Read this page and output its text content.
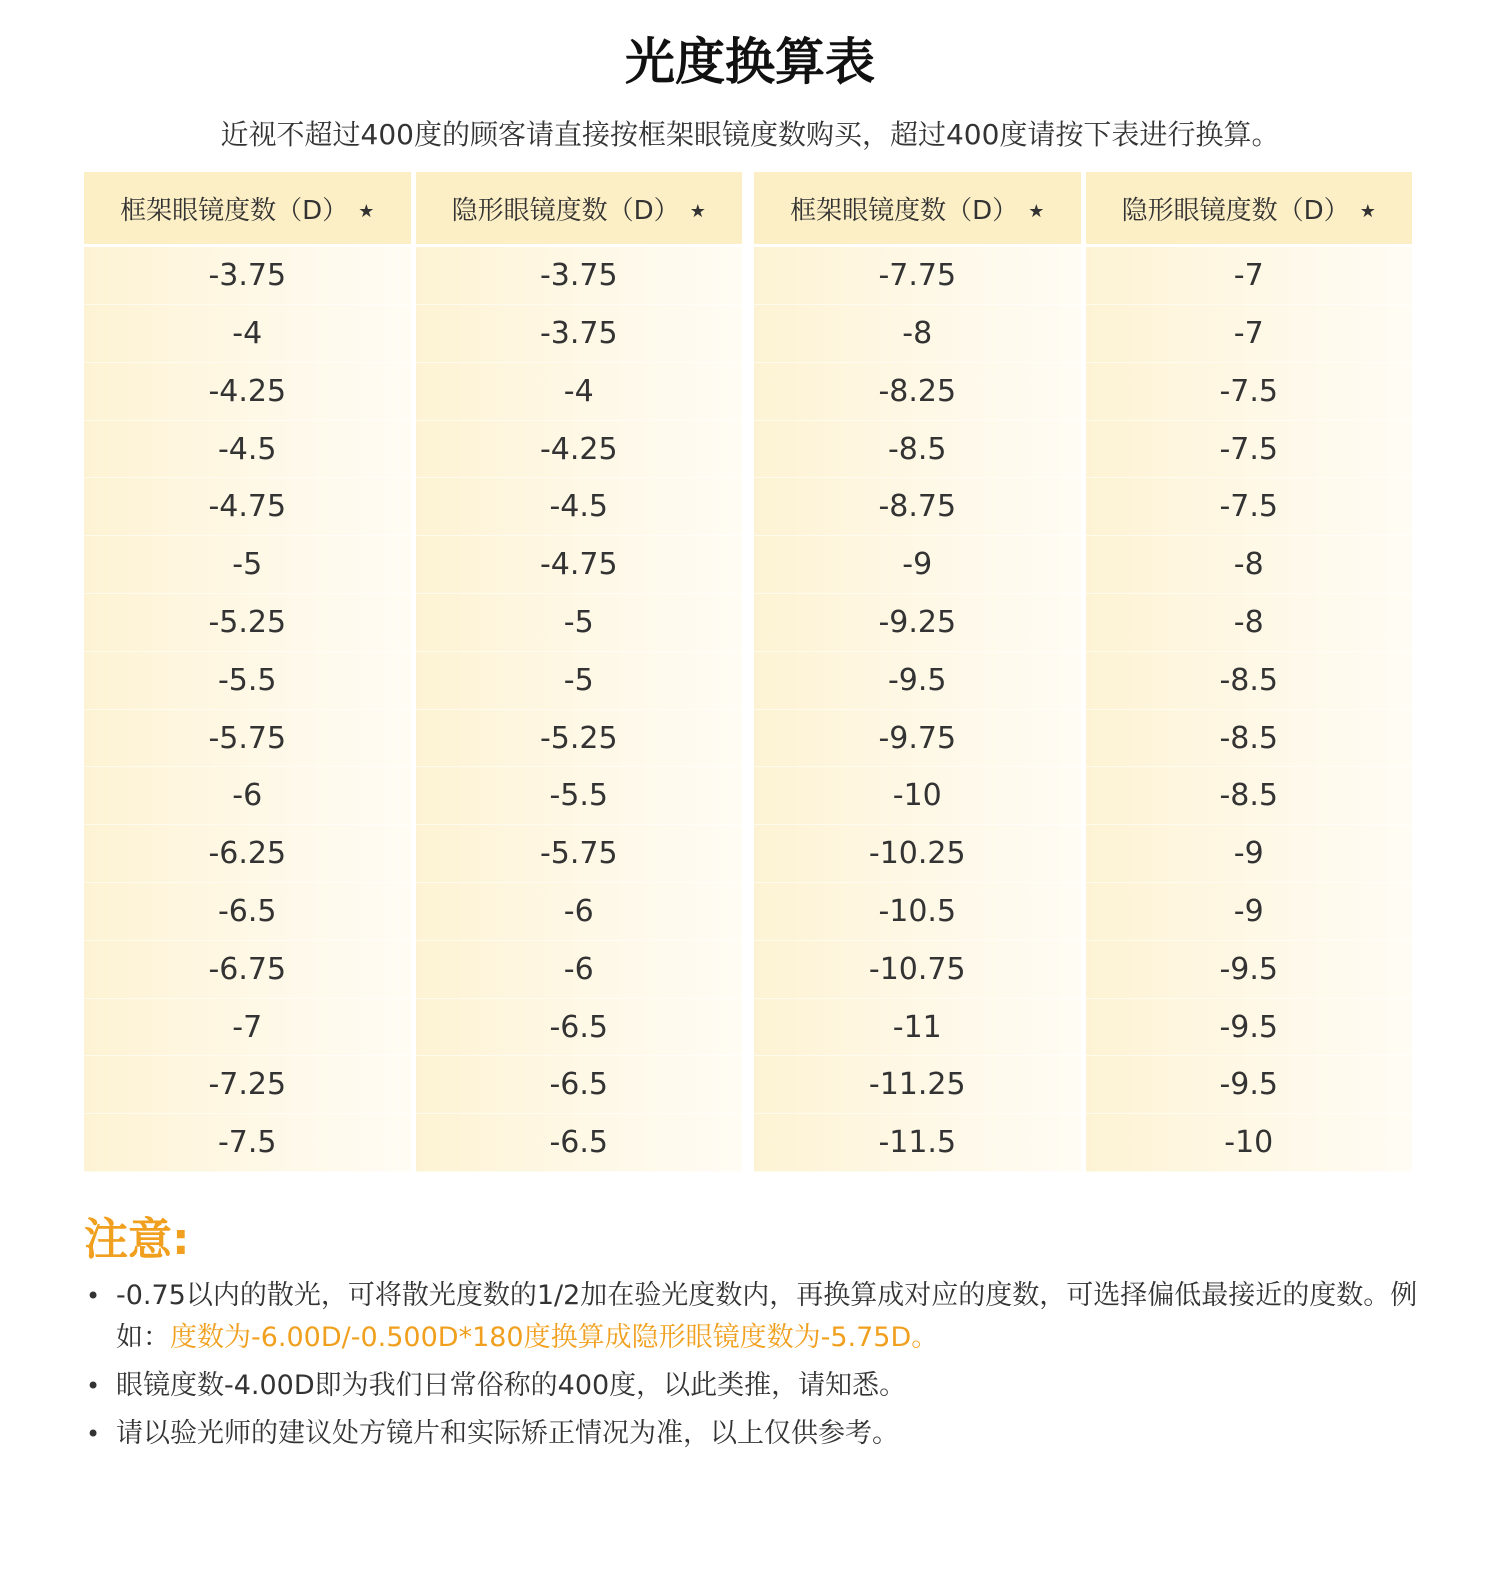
光度换算表
近视不超过400度的顾客请直接按框架眼镜度数购买，超过400度请按下表进行换算。
框架眼镜度数（D） ★	隐形眼镜度数（D） ★
-3.75
-4
-4.25
-4.5
-4.75
-5
-5.25
-5.5
-5.75
-6
-6.25
-6.5
-6.75
-7
-7.25
-7.5
-3.75
-3.75
-4
-4.25
-4.5
-4.75
-5
-5
-5.25
-5.5
-5.75
-6
-6
-6.5
-6.5
-6.5
框架眼镜度数（D） ★	隐形眼镜度数（D） ★
-7.75
-8
-8.25
-8.5
-8.75
-9
-9.25
-9.5
-9.75
-10
-10.25
-10.5
-10.75
-11
-11.25
-11.5
-7
-7
-7.5
-7.5
-7.5
-8
-8
-8.5
-8.5
-8.5
-9
-9
-9.5
-9.5
-9.5
-10
注意:
• -0.75以内的散光，可将散光度数的1/2加在验光度数内，再换算成对应的度数，可选择偏低最接近的度数。例如：度数为-6.00D/-0.500D*180度换算成隐形眼镜度数为-5.75D。
• 眼镜度数-4.00D即为我们日常俗称的400度，以此类推，请知悉。
• 请以验光师的建议处方镜片和实际矫正情况为准，以上仅供参考。
